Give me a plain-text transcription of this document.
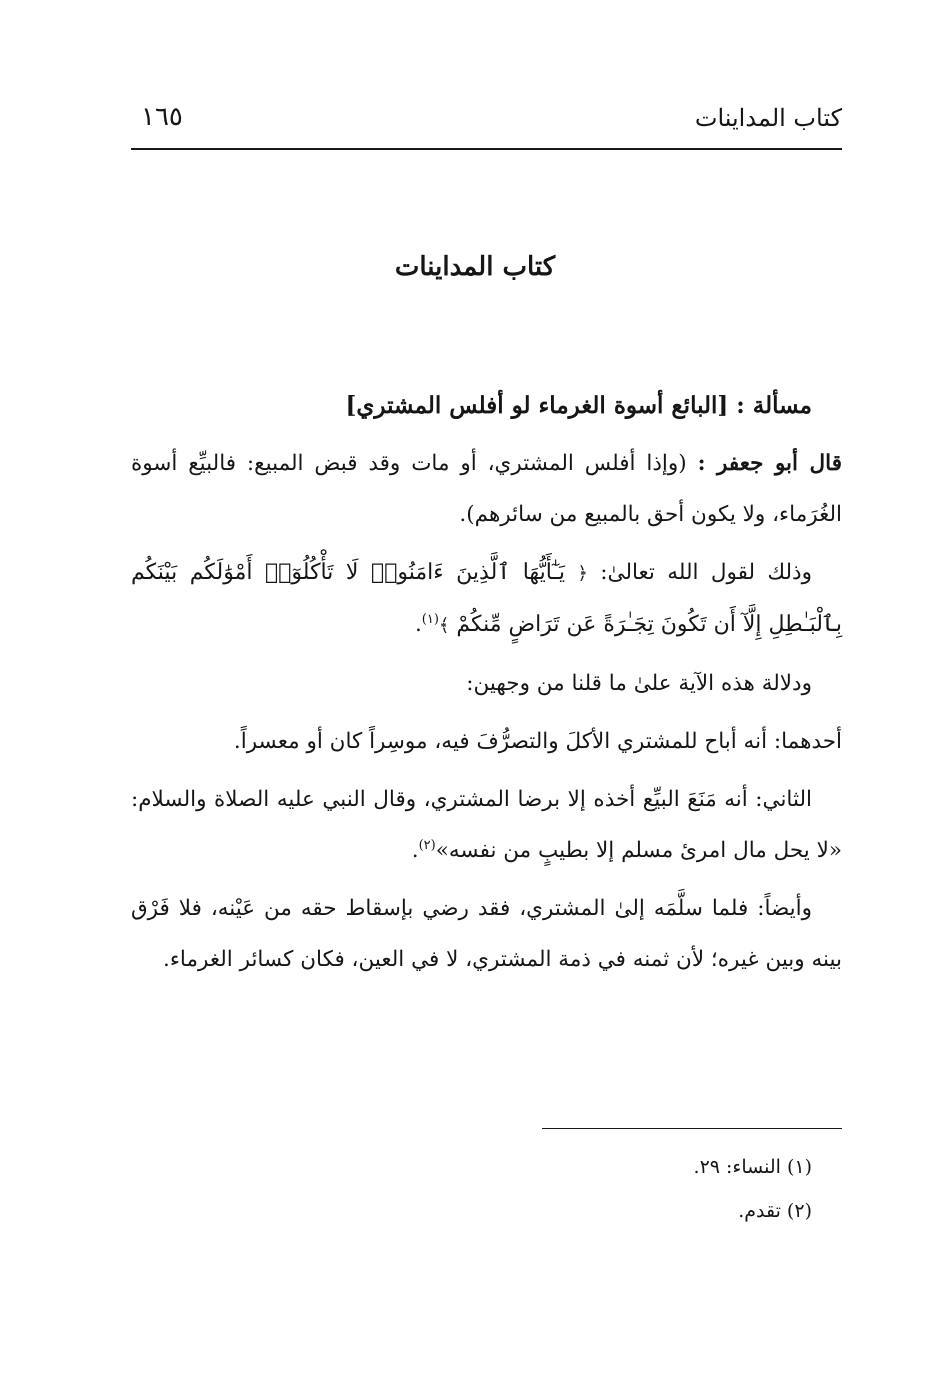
كتاب المداينات
١٦٥
كتاب المداينات

مسألة : [البائع أسوة الغرماء لو أفلس المشتري]

قال أبو جعفر : (وإذا أفلس المشتري، أو مات وقد قبض المبيع: فالبيِّع أسوة الغُرَماء، ولا يكون أحق بالمبيع من سائرهم).

وذلك لقول الله تعالىٰ: ﴿ يَـٰٓأَيُّهَا ٱلَّذِينَ ءَامَنُوا۟ لَا تَأْكُلُوٓا۟ أَمْوَٰلَكُم بَيْنَكُم بِٱلْبَـٰطِلِ إِلَّآ أَن تَكُونَ تِجَـٰرَةً عَن تَرَاضٍ مِّنكُمْ ﴾$^{(١)}$.

ودلالة هذه الآية علىٰ ما قلنا من وجهين:

أحدهما: أنه أباح للمشتري الأكلَ والتصرُّفَ فيه، موسِراً كان أو معسراً.

الثاني: أنه مَنَعَ البيِّع أخذه إلا برضا المشتري، وقال النبي عليه الصلاة والسلام: «لا يحل مال امرئ مسلم إلا بطيبٍ من نفسه»$^{(٢)}$.

وأيضاً: فلما سلَّمَه إلىٰ المشتري، فقد رضي بإسقاط حقه من عَيْنه، فلا فَرْق بينه وبين غيره؛ لأن ثمنه في ذمة المشتري، لا في العين، فكان كسائر الغرماء.

(١) النساء: ٢٩.

(٢) تقدم.
